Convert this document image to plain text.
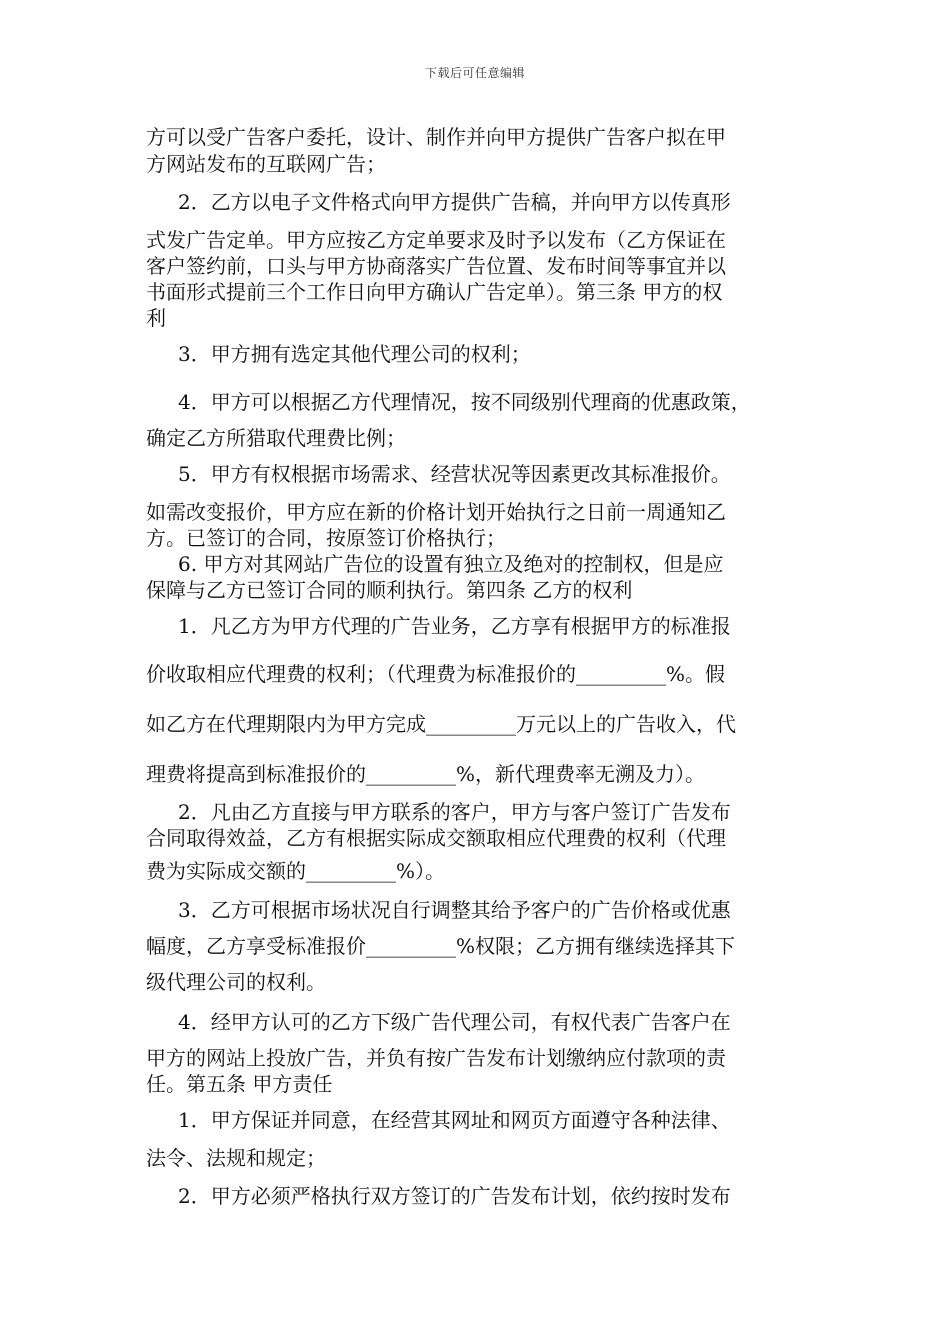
下载后可任意编辑
方可以受广告客户委托，设计、制作并向甲方提供广告客户拟在甲
方网站发布的互联网广告；
2．乙方以电子文件格式向甲方提供广告稿，并向甲方以传真形
式发广告定单。甲方应按乙方定单要求及时予以发布（乙方保证在
客户签约前，口头与甲方协商落实广告位置、发布时间等事宜并以
书面形式提前三个工作日向甲方确认广告定单）。第三条 甲方的权
利
3．甲方拥有选定其他代理公司的权利；
4．甲方可以根据乙方代理情况，按不同级别代理商的优惠政策，
确定乙方所猎取代理费比例；
5．甲方有权根据市场需求、经营状况等因素更改其标准报价。
如需改变报价，甲方应在新的价格计划开始执行之日前一周通知乙
方。已签订的合同，按原签订价格执行；
6. 甲方对其网站广告位的设置有独立及绝对的控制权，但是应
保障与乙方已签订合同的顺利执行。第四条 乙方的权利
1．凡乙方为甲方代理的广告业务，乙方享有根据甲方的标准报
价收取相应代理费的权利；（代理费为标准报价的_________%。假
如乙方在代理期限内为甲方完成_________万元以上的广告收入，代
理费将提高到标准报价的_________%，新代理费率无溯及力）。
2．凡由乙方直接与甲方联系的客户，甲方与客户签订广告发布
合同取得效益，乙方有根据实际成交额取相应代理费的权利（代理
费为实际成交额的_________%）。
3．乙方可根据市场状况自行调整其给予客户的广告价格或优惠
幅度，乙方享受标准报价_________%权限；乙方拥有继续选择其下
级代理公司的权利。
4．经甲方认可的乙方下级广告代理公司，有权代表广告客户在
甲方的网站上投放广告，并负有按广告发布计划缴纳应付款项的责
任。第五条 甲方责任
1．甲方保证并同意，在经营其网址和网页方面遵守各种法律、
法令、法规和规定；
2．甲方必须严格执行双方签订的广告发布计划，依约按时发布
